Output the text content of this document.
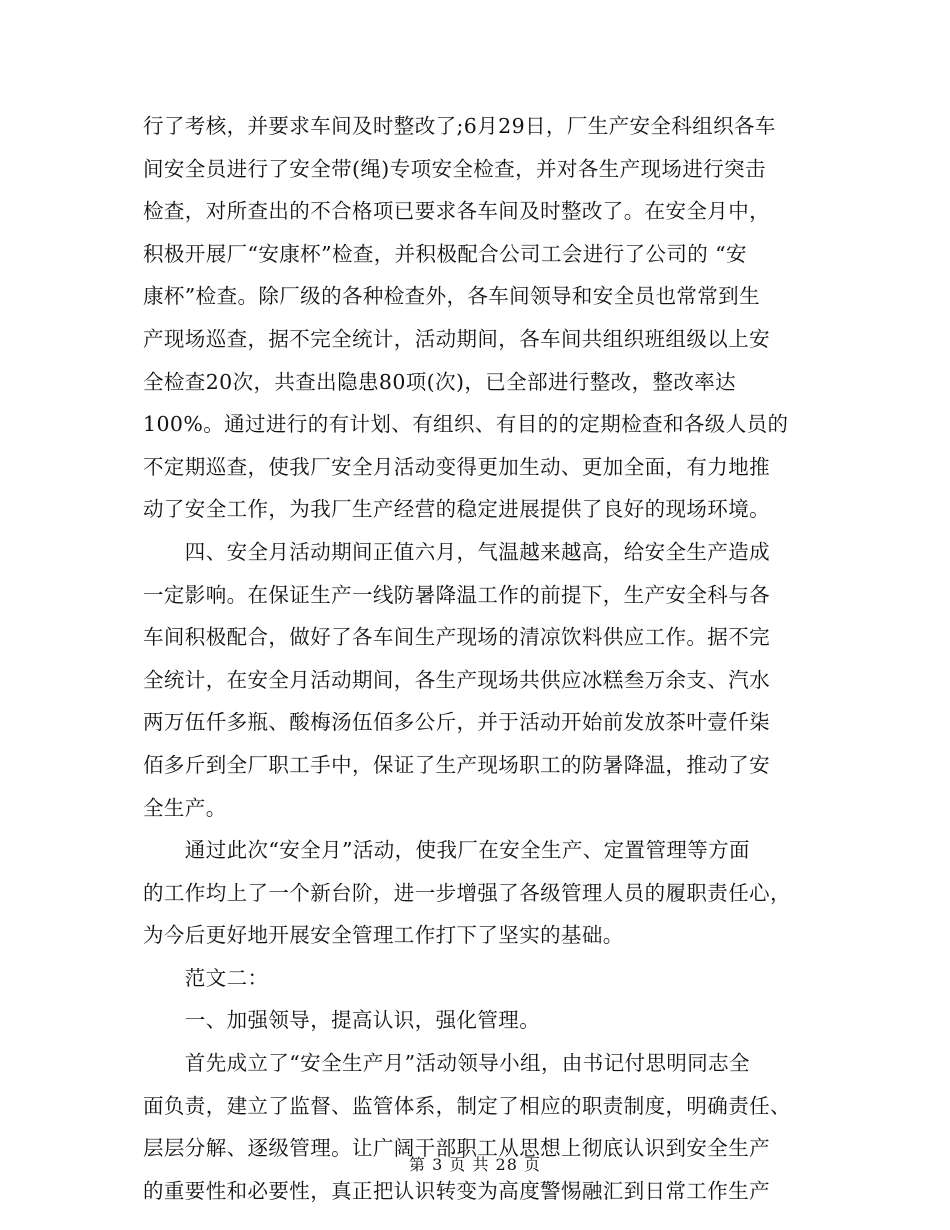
行了考核，并要求车间及时整改了;6月29日，厂生产安全科组织各车
间安全员进行了安全带(绳)专项安全检查，并对各生产现场进行突击
检查，对所查出的不合格项已要求各车间及时整改了。在安全月中，
积极开展厂“安康杯”检查，并积极配合公司工会进行了公司的 “安
康杯”检查。除厂级的各种检查外，各车间领导和安全员也常常到生
产现场巡查，据不完全统计，活动期间，各车间共组织班组级以上安
全检查20次，共查出隐患80项(次)，已全部进行整改，整改率达
100%。通过进行的有计划、有组织、有目的的定期检查和各级人员的
不定期巡查，使我厂安全月活动变得更加生动、更加全面，有力地推
动了安全工作，为我厂生产经营的稳定进展提供了良好的现场环境。
　　四、安全月活动期间正值六月，气温越来越高，给安全生产造成
一定影响。在保证生产一线防暑降温工作的前提下，生产安全科与各
车间积极配合，做好了各车间生产现场的清凉饮料供应工作。据不完
全统计，在安全月活动期间，各生产现场共供应冰糕叁万余支、汽水
两万伍仟多瓶、酸梅汤伍佰多公斤，并于活动开始前发放茶叶壹仟柒
佰多斤到全厂职工手中，保证了生产现场职工的防暑降温，推动了安
全生产。
　　通过此次“安全月”活动，使我厂在安全生产、定置管理等方面
的工作均上了一个新台阶，进一步增强了各级管理人员的履职责任心，
为今后更好地开展安全管理工作打下了坚实的基础。
　　范文二：
　　一、加强领导，提高认识，强化管理。
　　首先成立了“安全生产月”活动领导小组，由书记付思明同志全
面负责，建立了监督、监管体系，制定了相应的职责制度，明确责任、
层层分解、逐级管理。让广阔干部职工从思想上彻底认识到安全生产
的重要性和必要性，真正把认识转变为高度警惕融汇到日常工作生产
第 3 页 共 28 页
